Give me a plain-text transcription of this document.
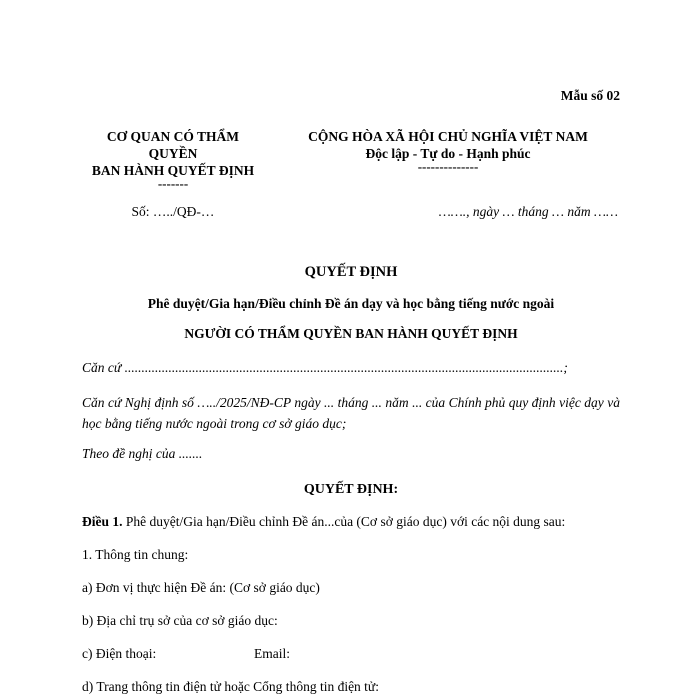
Mẫu số 02
CƠ QUAN CÓ THẨM
QUYỀN
BAN HÀNH QUYẾT ĐỊNH
-------
Số: …../QĐ-…
CỘNG HÒA XÃ HỘI CHỦ NGHĨA VIỆT NAM
Độc lập - Tự do - Hạnh phúc
--------------
……., ngày … tháng … năm ……
QUYẾT ĐỊNH
Phê duyệt/Gia hạn/Điều chỉnh Đề án dạy và học bằng tiếng nước ngoài
NGƯỜI CÓ THẨM QUYỀN BAN HÀNH QUYẾT ĐỊNH

Căn cứ ..................................................................................................................................;

Căn cứ Nghị định số …../2025/NĐ-CP ngày ... tháng ... năm ... của Chính phủ quy định việc dạy và học bằng tiếng nước ngoài trong cơ sở giáo dục;

Theo đề nghị của .......

QUYẾT ĐỊNH:

Điều 1. Phê duyệt/Gia hạn/Điều chỉnh Đề án...của (Cơ sở giáo dục) với các nội dung sau:

1. Thông tin chung:

a) Đơn vị thực hiện Đề án: (Cơ sở giáo dục)

b) Địa chỉ trụ sở của cơ sở giáo dục:

c) Điện thoại:	Email:

d) Trang thông tin điện tử hoặc Cổng thông tin điện tử:
